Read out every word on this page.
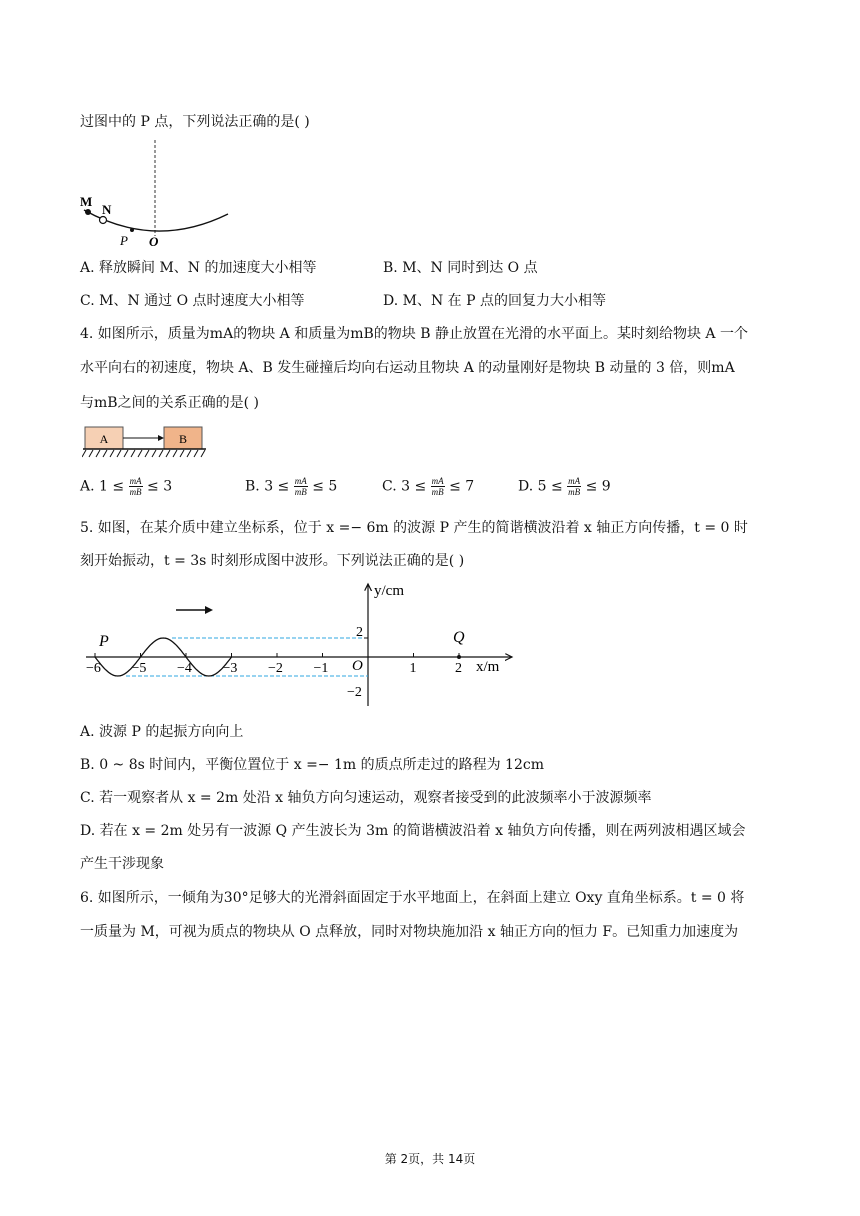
过图中的 P 点，下列说法正确的是( )
M
N
P O
A. 释放瞬间 M、N 的加速度大小相等	B. M、N 同时到达 O 点
C. M、N 通过 O 点时速度大小相等	D. M、N 在 P 点的回复力大小相等
4. 如图所示，质量为mA的物块 A 和质量为mB的物块 B 静止放置在光滑的水平面上。某时刻给物块 A 一个
水平向右的初速度，物块 A、B 发生碰撞后均向右运动且物块 A 的动量刚好是物块 B 动量的 3 倍，则mA
与mB之间的关系正确的是( )
A	B
A. $1 \le \frac{mA}{mB} \le 3$	B. $3 \le \frac{mA}{mB} \le 5$	C. $3 \le \frac{mA}{mB} \le 7$	D. $5 \le \frac{mA}{mB} \le 9$
5. 如图，在某介质中建立坐标系，位于 x =− 6m 的波源 P 产生的简谐横波沿着 x 轴正方向传播，t = 0 时
刻开始振动，t = 3s 时刻形成图中波形。下列说法正确的是( )
y/cm
x/m
−6 −5 −4 −3 −2 −1	1	2
O
2
−2
P	Q
A. 波源 P 的起振方向向上
B. 0 ~ 8s 时间内，平衡位置位于 x =− 1m 的质点所走过的路程为 12cm
C. 若一观察者从 x = 2m 处沿 x 轴负方向匀速运动，观察者接受到的此波频率小于波源频率
D. 若在 x = 2m 处另有一波源 Q 产生波长为 3m 的简谐横波沿着 x 轴负方向传播，则在两列波相遇区域会
产生干涉现象
6. 如图所示，一倾角为30°足够大的光滑斜面固定于水平地面上，在斜面上建立 Oxy 直角坐标系。t = 0 将
一质量为 M，可视为质点的物块从 O 点释放，同时对物块施加沿 x 轴正方向的恒力 F。已知重力加速度为
第 2页，共 14页
